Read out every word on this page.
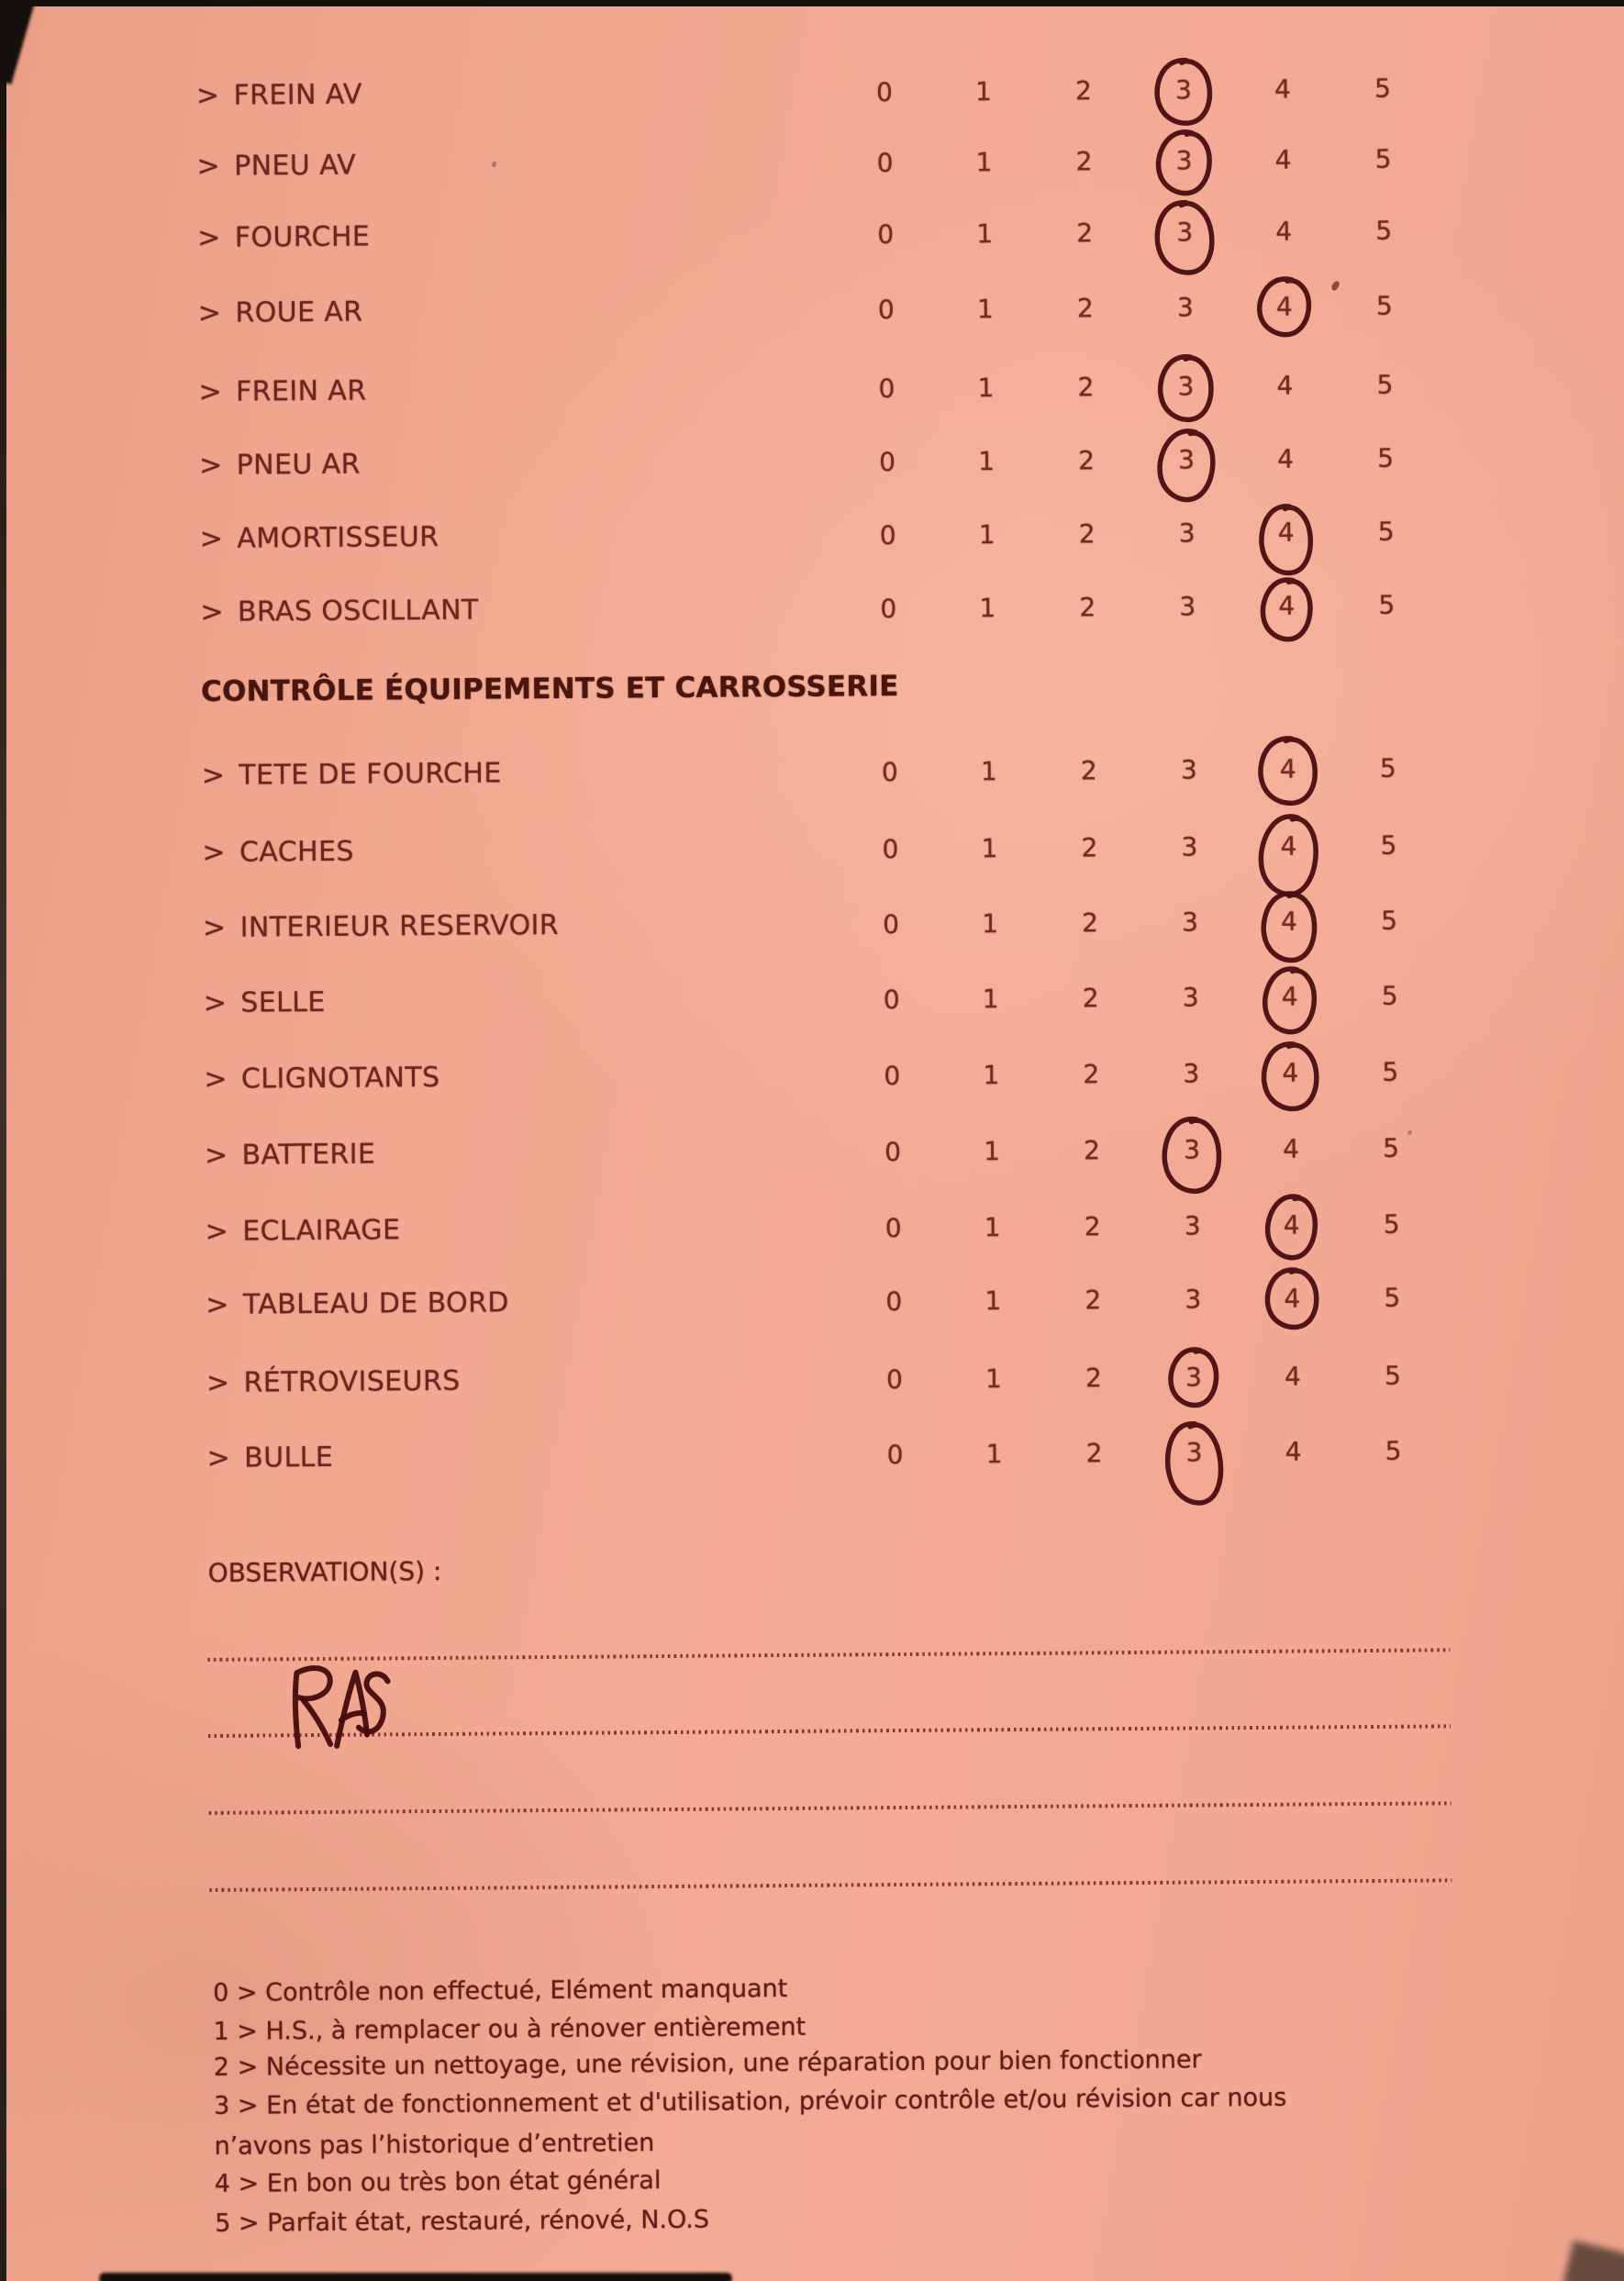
> FREIN AV	0	1	2	3	4	5
> PNEU AV	0	1	2	3	4	5
> FOURCHE	0	1	2	3	4	5
> ROUE AR	0	1	2	3	4	5
> FREIN AR	0	1	2	3	4	5
> PNEU AR	0	1	2	3	4	5
> AMORTISSEUR	0	1	2	3	4	5
> BRAS OSCILLANT	0	1	2	3	4	5
> TETE DE FOURCHE	0	1	2	3	4	5
> CACHES	0	1	2	3	4	5
> INTERIEUR RESERVOIR	0	1	2	3	4	5
> SELLE	0	1	2	3	4	5
> CLIGNOTANTS	0	1	2	3	4	5
> BATTERIE	0	1	2	3	4	5
> ECLAIRAGE	0	1	2	3	4	5
> TABLEAU DE BORD	0	1	2	3	4	5
> RÉTROVISEURS	0	1	2	3	4	5
> BULLE	0	1	2	3	4	5
CONTRÔLE ÉQUIPEMENTS ET CARROSSERIE
OBSERVATION(S) :
0 > Contrôle non effectué, Elément manquant
1 > H.S., à remplacer ou à rénover entièrement
2 > Nécessite un nettoyage, une révision, une réparation pour bien fonctionner
3 > En état de fonctionnement et d'utilisation, prévoir contrôle et/ou révision car nous
n’avons pas l’historique d’entretien
4 > En bon ou très bon état général
5 > Parfait état, restauré, rénové, N.O.S
